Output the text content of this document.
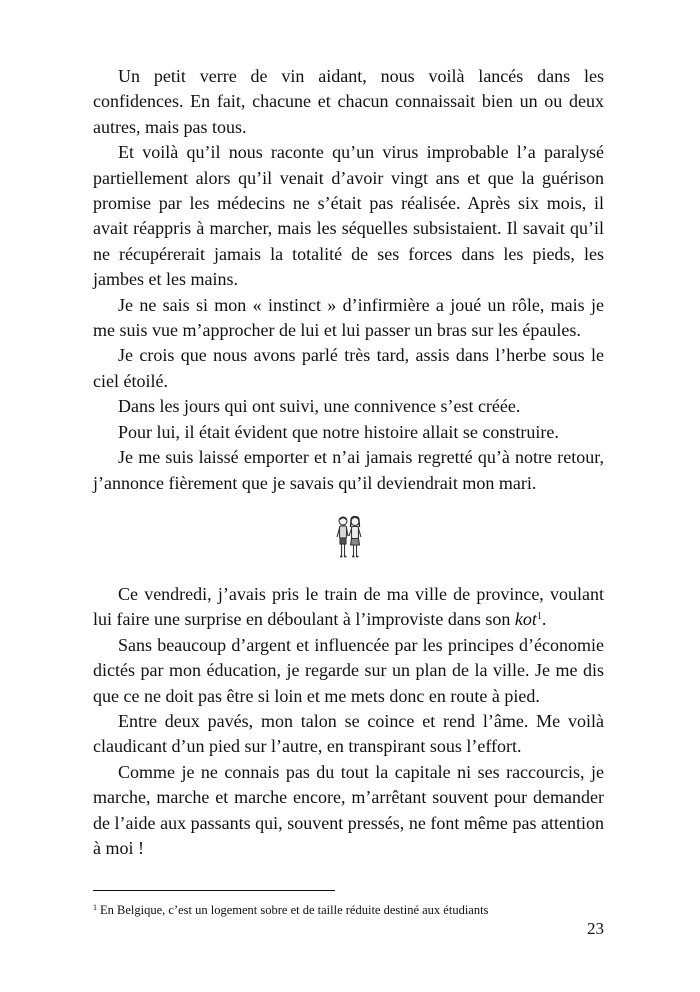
Un petit verre de vin aidant, nous voilà lancés dans les confidences. En fait, chacune et chacun connaissait bien un ou deux autres, mais pas tous.

Et voilà qu’il nous raconte qu’un virus improbable l’a paralysé partiellement alors qu’il venait d’avoir vingt ans et que la guérison promise par les médecins ne s’était pas réalisée. Après six mois, il avait réappris à marcher, mais les séquelles subsistaient. Il savait qu’il ne récupérerait jamais la totalité de ses forces dans les pieds, les jambes et les mains.

Je ne sais si mon « instinct » d’infirmière a joué un rôle, mais je me suis vue m’approcher de lui et lui passer un bras sur les épaules.

Je crois que nous avons parlé très tard, assis dans l’herbe sous le ciel étoilé.

Dans les jours qui ont suivi, une connivence s’est créée.

Pour lui, il était évident que notre histoire allait se construire.

Je me suis laissé emporter et n’ai jamais regretté qu’à notre retour, j’annonce fièrement que je savais qu’il deviendrait mon mari.

Ce vendredi, j’avais pris le train de ma ville de province, voulant lui faire une surprise en déboulant à l’improviste dans son kot$^1$.

Sans beaucoup d’argent et influencée par les principes d’économie dictés par mon éducation, je regarde sur un plan de la ville. Je me dis que ce ne doit pas être si loin et me mets donc en route à pied.

Entre deux pavés, mon talon se coince et rend l’âme. Me voilà claudicant d’un pied sur l’autre, en transpirant sous l’effort.

Comme je ne connais pas du tout la capitale ni ses raccourcis, je marche, marche et marche encore, m’arrêtant souvent pour demander de l’aide aux passants qui, souvent pressés, ne font même pas attention à moi !

$^1$ En Belgique, c’est un logement sobre et de taille réduite destiné aux étudiants

23
